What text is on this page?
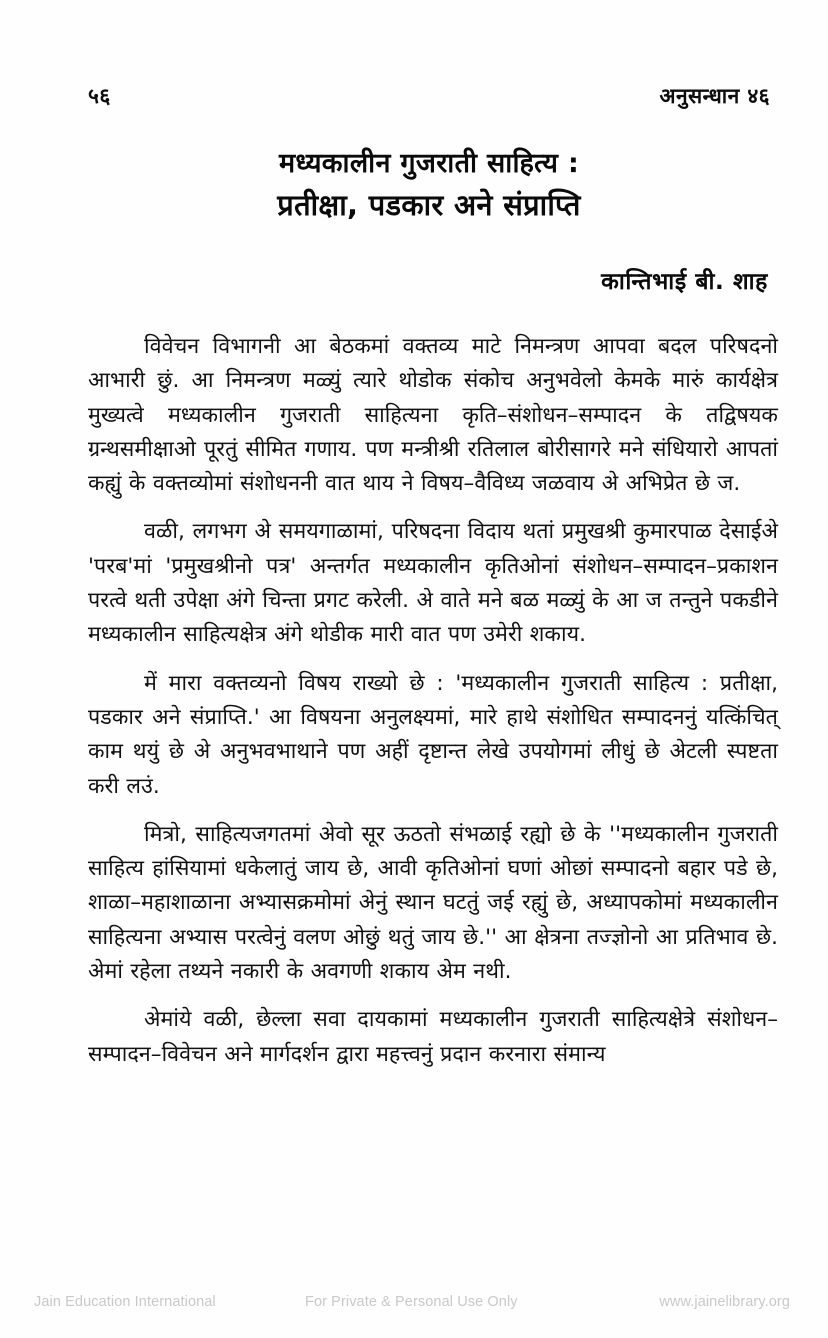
५६	अनुसन्धान ४६
मध्यकालीन गुजराती साहित्य :
प्रतीक्षा, पडकार अने संप्राप्ति
कान्तिभाई बी. शाह

विवेचन विभागनी आ बेठकमां वक्तव्य माटे निमन्त्रण आपवा बदल परिषदनो आभारी छुं. आ निमन्त्रण मळ्युं त्यारे थोडोक संकोच अनुभवेलो केमके मारुं कार्यक्षेत्र मुख्यत्वे मध्यकालीन गुजराती साहित्यना कृति–संशोधन–सम्पादन के तद्विषयक ग्रन्थसमीक्षाओ पूरतुं सीमित गणाय. पण मन्त्रीश्री रतिलाल बोरीसागरे मने संधियारो आपतां कह्युं के वक्तव्योमां संशोधननी वात थाय ने विषय–वैविध्य जळवाय अे अभिप्रेत छे ज.

वळी, लगभग अे समयगाळामां, परिषदना विदाय थतां प्रमुखश्री कुमारपाळ देसाईअे 'परब'मां 'प्रमुखश्रीनो पत्र' अन्तर्गत मध्यकालीन कृतिओनां संशोधन–सम्पादन–प्रकाशन परत्वे थती उपेक्षा अंगे चिन्ता प्रगट करेली. अे वाते मने बळ मळ्युं के आ ज तन्तुने पकडीने मध्यकालीन साहित्यक्षेत्र अंगे थोडीक मारी वात पण उमेरी शकाय.

में मारा वक्तव्यनो विषय राख्यो छे : 'मध्यकालीन गुजराती साहित्य : प्रतीक्षा, पडकार अने संप्राप्ति.' आ विषयना अनुलक्ष्यमां, मारे हाथे संशोधित सम्पादननुं यत्किंचित् काम थयुं छे अे अनुभवभाथाने पण अहीं दृष्टान्त लेखे उपयोगमां लीधुं छे अेटली स्पष्टता करी लउं.

मित्रो, साहित्यजगतमां अेवो सूर ऊठतो संभळाई रह्यो छे के ''मध्यकालीन गुजराती साहित्य हांसियामां धकेलातुं जाय छे, आवी कृतिओनां घणां ओछां सम्पादनो बहार पडे छे, शाळा–महाशाळाना अभ्यासक्रमोमां अेनुं स्थान घटतुं जई रह्युं छे, अध्यापकोमां मध्यकालीन साहित्यना अभ्यास परत्वेनुं वलण ओछुं थतुं जाय छे.'' आ क्षेत्रना तज्ज्ञोनो आ प्रतिभाव छे. अेमां रहेला तथ्यने नकारी के अवगणी शकाय अेम नथी.

अेमांये वळी, छेल्ला सवा दायकामां मध्यकालीन गुजराती साहित्यक्षेत्रे संशोधन–सम्पादन–विवेचन अने मार्गदर्शन द्वारा महत्त्वनुं प्रदान करनारा संमान्य

Jain Education International	For Private & Personal Use Only	www.jainelibrary.org
